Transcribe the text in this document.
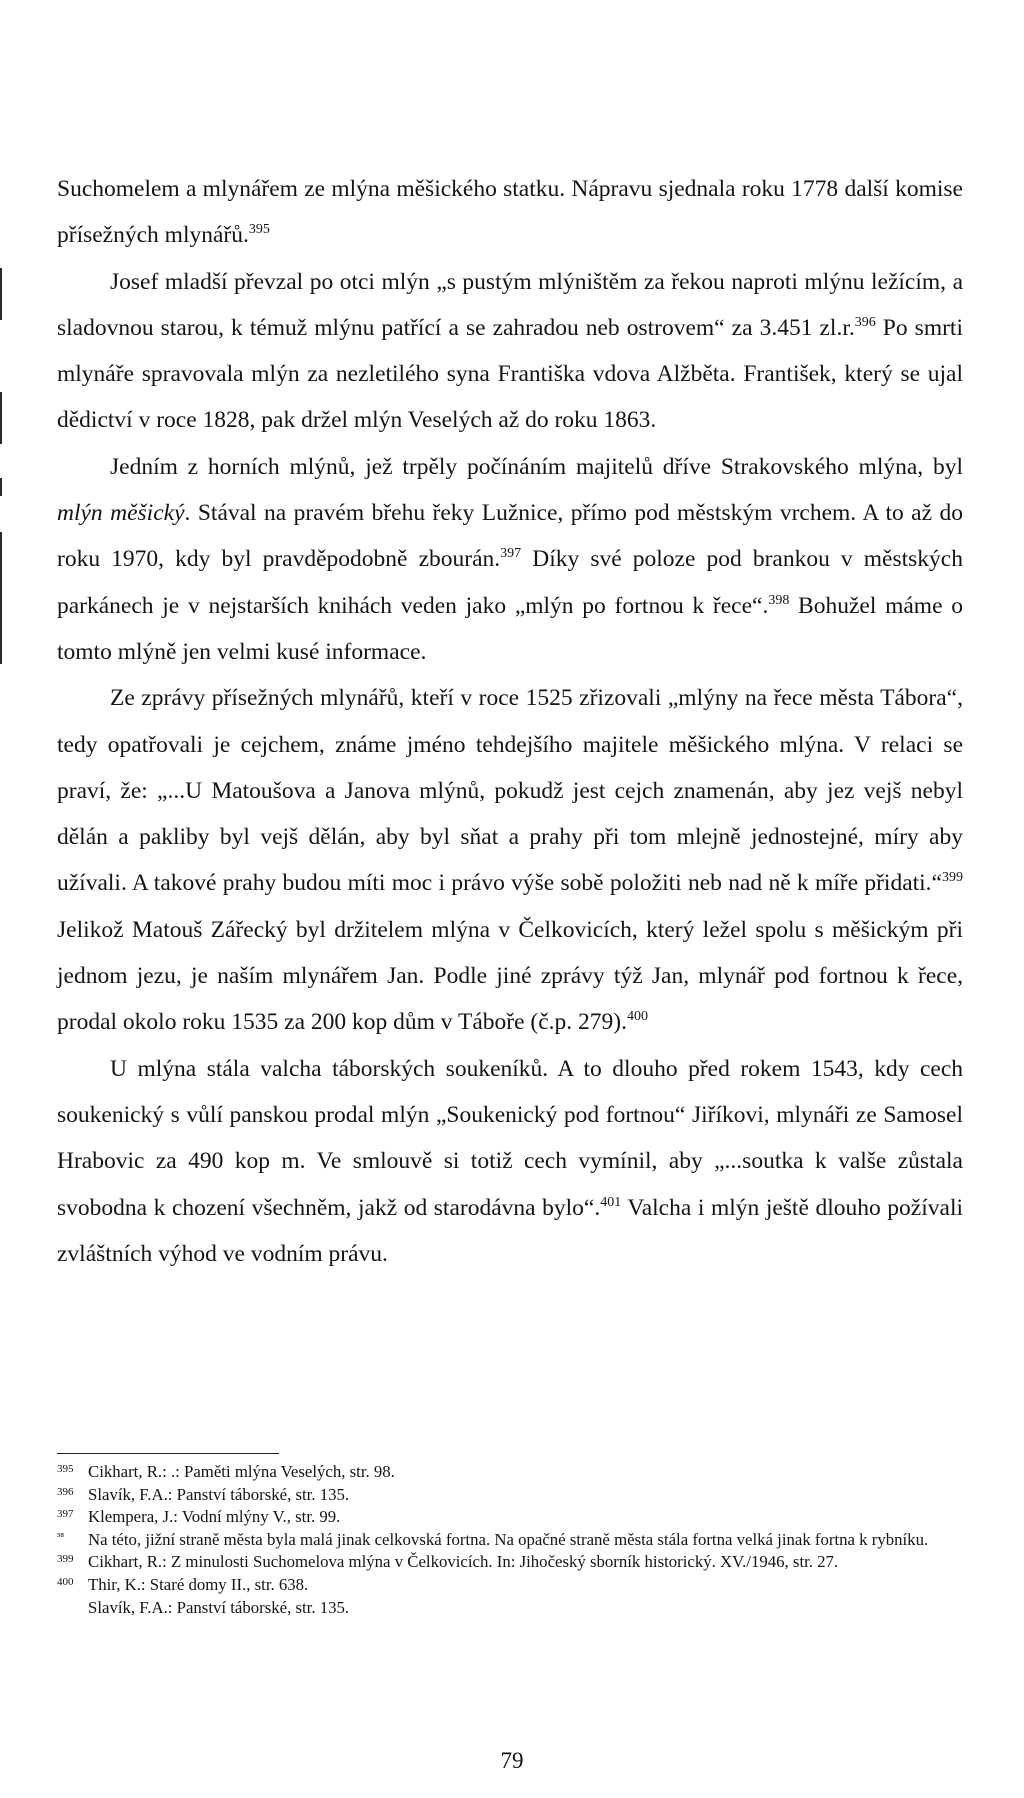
Suchomelem a mlynářem ze mlýna měšického statku. Nápravu sjednala roku 1778 další komise přísežných mlynářů.$^{395}$

Josef mladší převzal po otci mlýn „s pustým mlýništěm za řekou naproti mlýnu ležícím, a sladovnou starou, k témuž mlýnu patřící a se zahradou neb ostrovem“ za 3.451 zl.r.$^{396}$ Po smrti mlynáře spravovala mlýn za nezletilého syna Františka vdova Alžběta. František, který se ujal dědictví v roce 1828, pak držel mlýn Veselých až do roku 1863.

Jedním z horních mlýnů, jež trpěly počínáním majitelů dříve Strakovského mlýna, byl mlýn měšický. Stával na pravém břehu řeky Lužnice, přímo pod městským vrchem. A to až do roku 1970, kdy byl pravděpodobně zbourán.$^{397}$ Díky své poloze pod brankou v městských parkánech je v nejstarších knihách veden jako „mlýn po fortnou k řece“.$^{398}$ Bohužel máme o tomto mlýně jen velmi kusé informace.

Ze zprávy přísežných mlynářů, kteří v roce 1525 zřizovali „mlýny na řece města Tábora“, tedy opatřovali je cejchem, známe jméno tehdejšího majitele měšického mlýna. V relaci se praví, že: „...U Matoušova a Janova mlýnů, pokudž jest cejch znamenán, aby jez vejš nebyl dělán a pakliby byl vejš dělán, aby byl sňat a prahy při tom mlejně jednostejné, míry aby užívali. A takové prahy budou míti moc i právo výše sobě položiti neb nad ně k míře přidati.“$^{399}$ Jelikož Matouš Zářecký byl držitelem mlýna v Čelkovicích, který ležel spolu s měšickým při jednom jezu, je naším mlynářem Jan. Podle jiné zprávy týž Jan, mlynář pod fortnou k řece, prodal okolo roku 1535 za 200 kop dům v Táboře (č.p. 279).$^{400}$

U mlýna stála valcha táborských soukeníků. A to dlouho před rokem 1543, kdy cech soukenický s vůlí panskou prodal mlýn „Soukenický pod fortnou“ Jiříkovi, mlynáři ze Samosel Hrabovic za 490 kop m. Ve smlouvě si totiž cech vymínil, aby „...soutka k valše zůstala svobodna k chození všechněm, jakž od starodávna bylo“.$^{401}$ Valcha i mlýn ještě dlouho požívali zvláštních výhod ve vodním právu.

395 Cikhart, R.: .: Paměti mlýna Veselých, str. 98.

396 Slavík, F.A.: Panství táborské, str. 135.

397 Klempera, J.: Vodní mlýny V., str. 99.

³⁸ Na této, jižní straně města byla malá jinak celkovská fortna. Na opačné straně města stála fortna velká jinak fortna k rybníku.

399 Cikhart, R.: Z minulosti Suchomelova mlýna v Čelkovicích. In: Jihočeský sborník historický. XV./1946, str. 27.

400 Thir, K.: Staré domy II., str. 638.

Slavík, F.A.: Panství táborské, str. 135.

79
